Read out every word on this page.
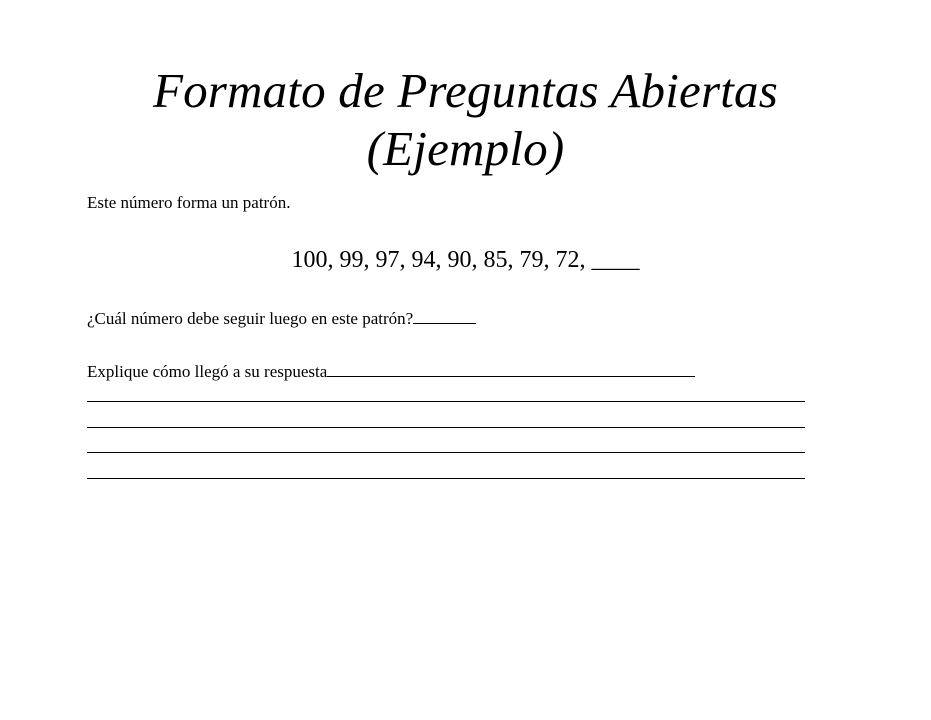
Formato de Preguntas Abiertas
(Ejemplo)

Este número forma un patrón.

100, 99, 97, 94, 90, 85, 79, 72, ____

¿Cuál número debe seguir luego en este patrón?

Explique cómo llegó a su respuesta
